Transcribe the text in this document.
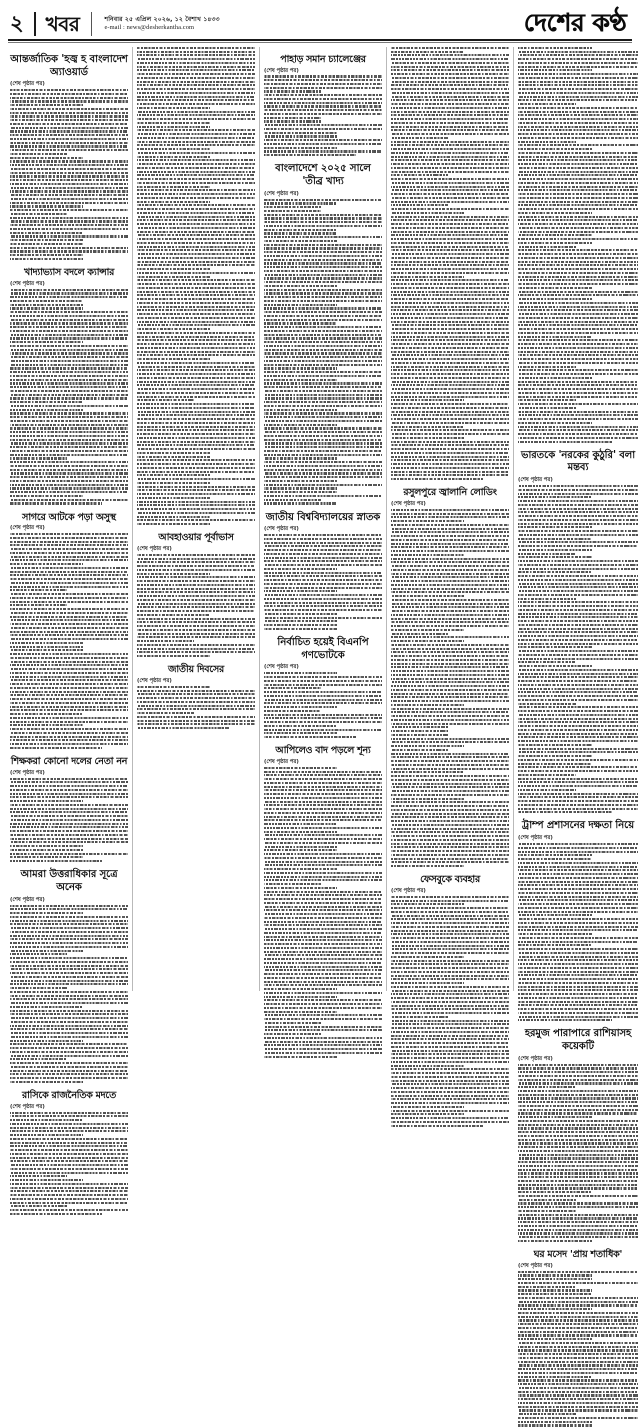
২ খবর	শনিবার ২৫ এপ্রিল ২০২৬, ১২ বৈশাখ ১৪৩৩
e-mail : news@desherkantha.com	দেশের কণ্ঠ
আন্তর্জাতিক 'হজ্ব হ বাংলাদেশ অ্যাওয়ার্ড
(শেষ পৃষ্ঠার পর)
খাদ্যাভ্যাস বদলে ক্যান্সার
(শেষ পৃষ্ঠার পর)
সাগরে আটকে পড়া অসুস্থ
(শেষ পৃষ্ঠার পর)
শিক্ষকরা কোনো দলের নেতা নন
(শেষ পৃষ্ঠার পর)
আমরা উত্তরাধিকার সূত্রে অনেক
(শেষ পৃষ্ঠার পর)
রাসিকে রাজনৈতিক মদতে
(শেষ পৃষ্ঠার পর)
আবহাওয়ার পূর্বাভাস
(শেষ পৃষ্ঠার পর)
জাতীয় দিবসের
(শেষ পৃষ্ঠার পর)
পাহাড় সমান চ্যালেঞ্জের
(শেষ পৃষ্ঠার পর)
বাংলাদেশে ২০২৫ সালে 'তীব্র খাদ্য
(শেষ পৃষ্ঠার পর)
জাতীয় বিশ্ববিদ্যালয়ের স্নাতক
(শেষ পৃষ্ঠার পর)
নির্বাচিত হয়েই বিএনপি গণভোটকে
(শেষ পৃষ্ঠার পর)
আপিলেও বাদ পড়লে শূন্য
(শেষ পৃষ্ঠার পর)
রসুলপুরে জ্বালানি লোডিং
(শেষ পৃষ্ঠার পর)
ফেসবুকে ব্যবহার
(শেষ পৃষ্ঠার পর)
ভারতকে 'নরকের কুঠুরি' বলা মন্তব্য
(শেষ পৃষ্ঠার পর)
ট্রাম্প প্রশাসনের দক্ষতা নিয়ে
(শেষ পৃষ্ঠার পর)
হরমুজ পারাপারে রাশিয়াসহ কয়েকটি
(শেষ পৃষ্ঠার পর)
ঘর মসেদ 'প্রায় শতাধিক'
(শেষ পৃষ্ঠার পর)
